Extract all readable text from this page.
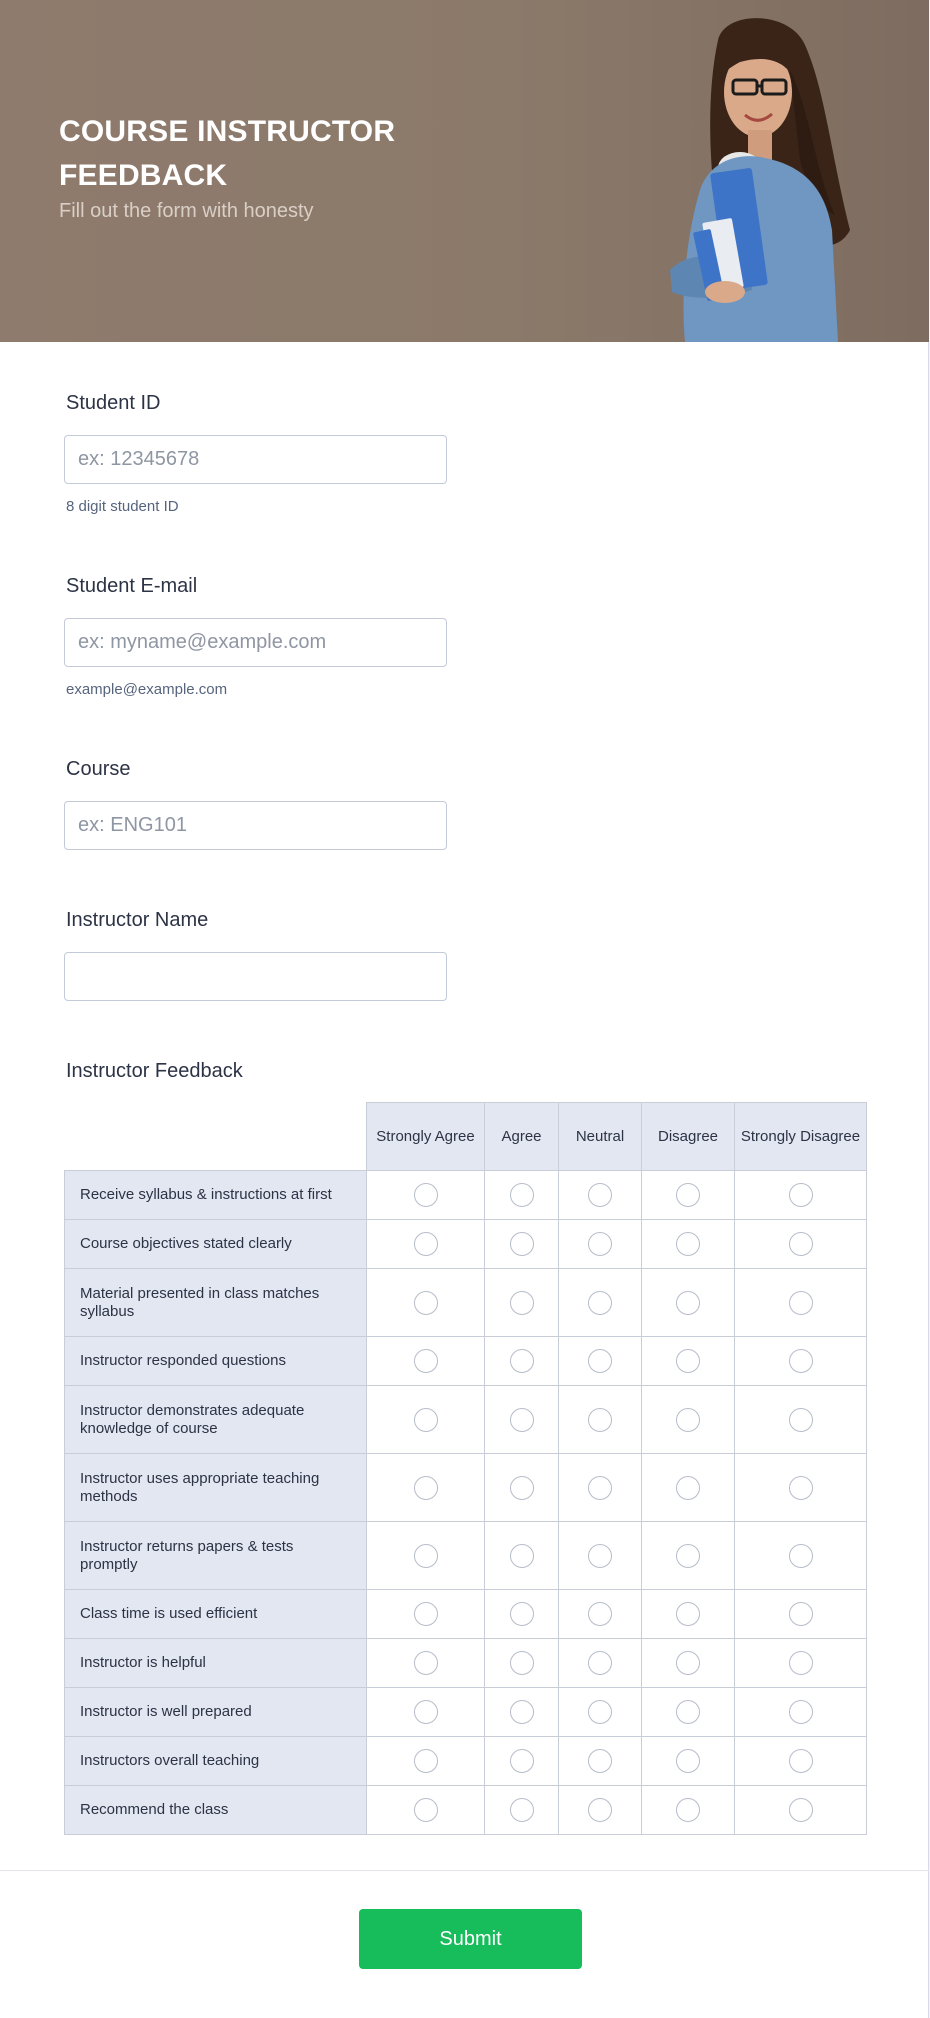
COURSE INSTRUCTOR FEEDBACK
Fill out the form with honesty
Student ID
ex: 12345678
8 digit student ID
Student E-mail
ex: myname@example.com
example@example.com
Course
ex: ENG101
Instructor Name
Instructor Feedback
	Strongly Agree	Agree	Neutral	Disagree	Strongly Disagree
Receive syllabus & instructions at first					
Course objectives stated clearly					
Material presented in class matches syllabus					
Instructor responded questions					
Instructor demonstrates adequate knowledge of course					
Instructor uses appropriate teaching methods					
Instructor returns papers & tests promptly					
Class time is used efficient					
Instructor is helpful					
Instructor is well prepared					
Instructors overall teaching					
Recommend the class					
Submit
